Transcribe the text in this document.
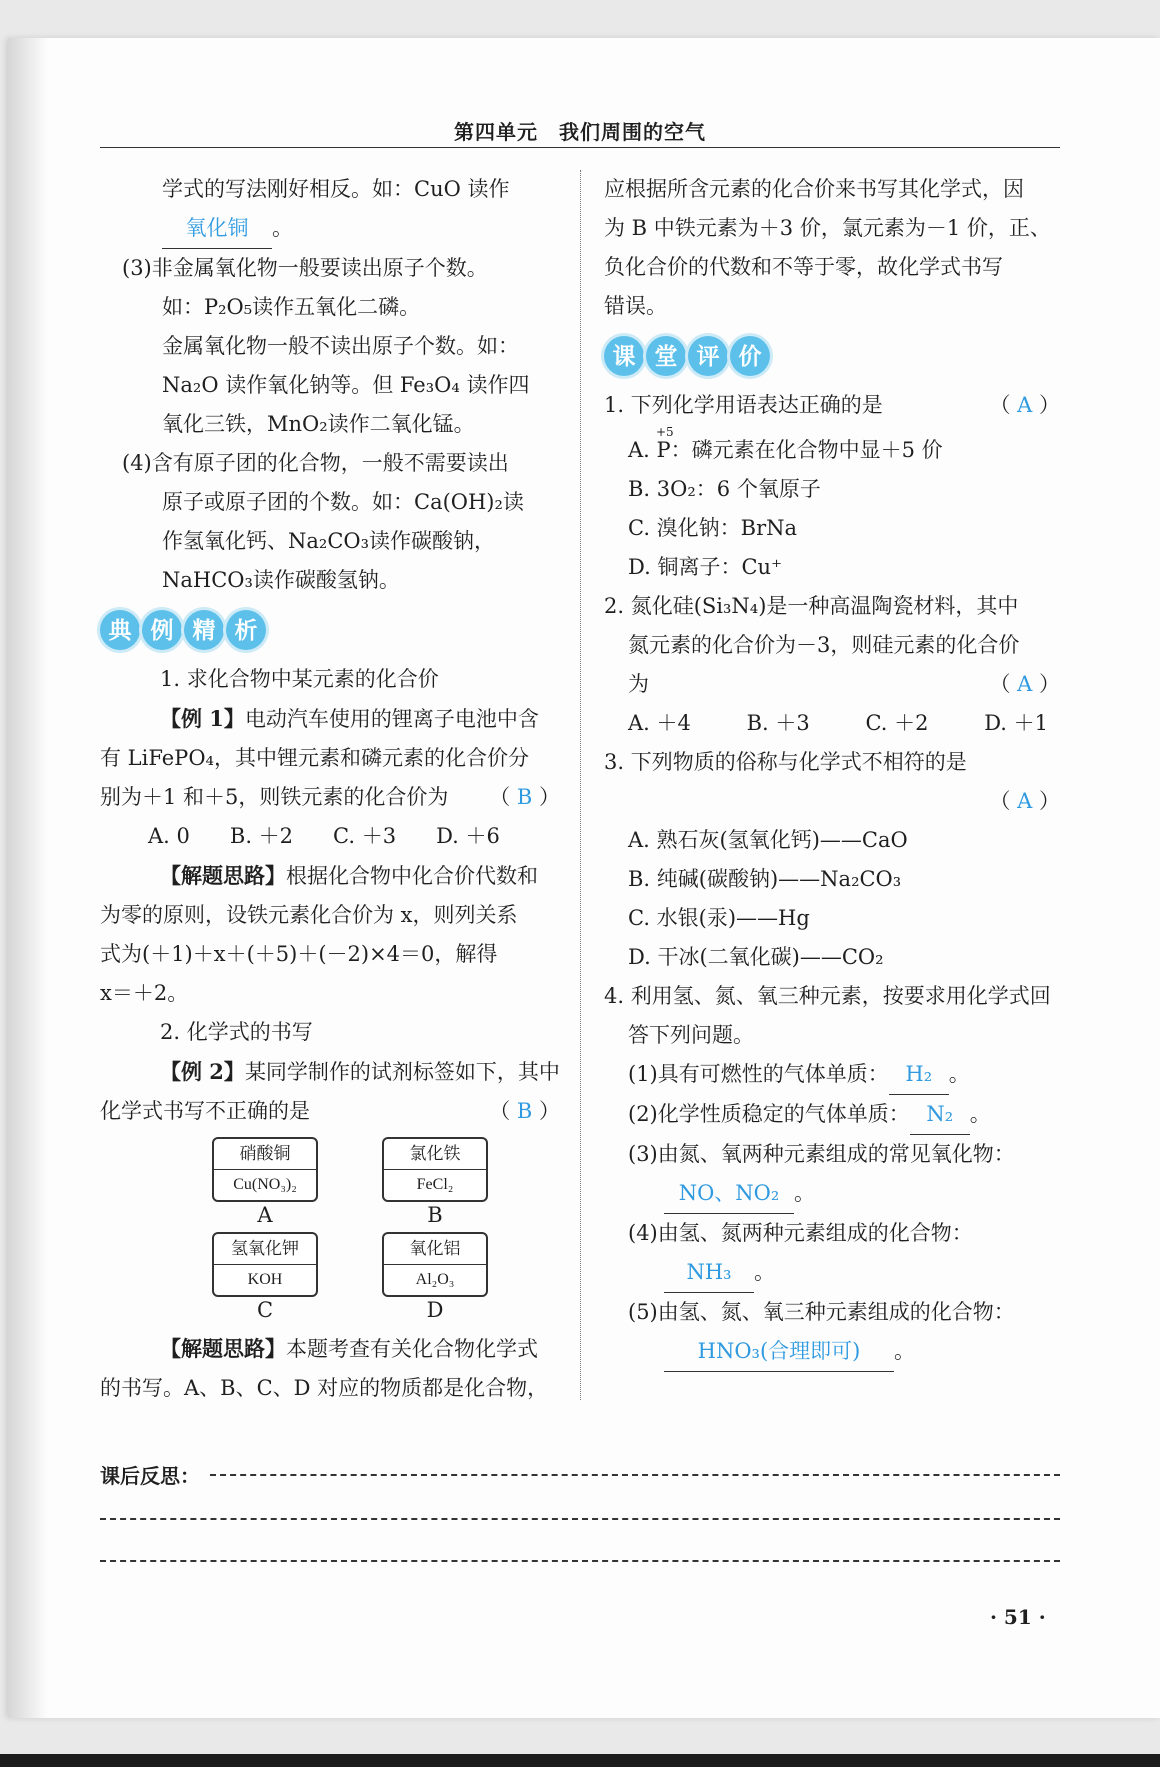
第四单元　我们周围的空气

学式的写法刚好相反。如：CuO 读作

氧化铜 。

(3)非金属氧化物一般要读出原子个数。

如：P₂O₅读作五氧化二磷。

金属氧化物一般不读出原子个数。如：

Na₂O 读作氧化钠等。但 Fe₃O₄ 读作四

氧化三铁，MnO₂读作二氧化锰。

(4)含有原子团的化合物，一般不需要读出

原子或原子团的个数。如：Ca(OH)₂读

作氢氧化钙、Na₂CO₃读作碳酸钠，

NaHCO₃读作碳酸氢钠。

典 例 精 析

1. 求化合物中某元素的化合价

【例 1】电动汽车使用的锂离子电池中含

有 LiFePO₄，其中锂元素和磷元素的化合价分

别为＋1 和＋5，则铁元素的化合价为 （ B ）

A. 0 B. ＋2 C. ＋3 D. ＋6

【解题思路】根据化合物中化合价代数和

为零的原则，设铁元素化合价为 x，则列关系

式为(＋1)＋x＋(＋5)＋(－2)×4＝0，解得

x＝＋2。

2. 化学式的书写

【例 2】某同学制作的试剂标签如下，其中

化学式书写不正确的是	（ B ）

硝酸铜
Cu(NO₃)₂
A
氯化铁
FeCl₂
B
氢氧化钾
KOH
C
氧化铝
Al₂O₃
D

【解题思路】本题考查有关化合物化学式

的书写。A、B、C、D 对应的物质都是化合物，

应根据所含元素的化合价来书写其化学式，因

为 B 中铁元素为＋3 价，氯元素为－1 价，正、

负化合价的代数和不等于零，故化学式书写

错误。

课 堂 评 价

1. 下列化学用语表达正确的是	（ A ）

+5
A. P：磷元素在化合物中显＋5 价

B. 3O₂：6 个氧原子

C. 溴化钠：BrNa

D. 铜离子：Cu⁺

2. 氮化硅(Si₃N₄)是一种高温陶瓷材料，其中

氮元素的化合价为－3，则硅元素的化合价

为	（ A ）

A. ＋4	B. ＋3	C. ＋2	D. ＋1

3. 下列物质的俗称与化学式不相符的是

（ A ）

A. 熟石灰(氢氧化钙)——CaO

B. 纯碱(碳酸钠)——Na₂CO₃

C. 水银(汞)——Hg

D. 干冰(二氧化碳)——CO₂

4. 利用氢、氮、氧三种元素，按要求用化学式回

答下列问题。

(1)具有可燃性的气体单质： H₂ 。

(2)化学性质稳定的气体单质： N₂ 。

(3)由氮、氧两种元素组成的常见氧化物：

NO、NO₂ 。

(4)由氢、氮两种元素组成的化合物：

NH₃ 。

(5)由氢、氮、氧三种元素组成的化合物：

HNO₃(合理即可) 。

课后反思：
· 51 ·
